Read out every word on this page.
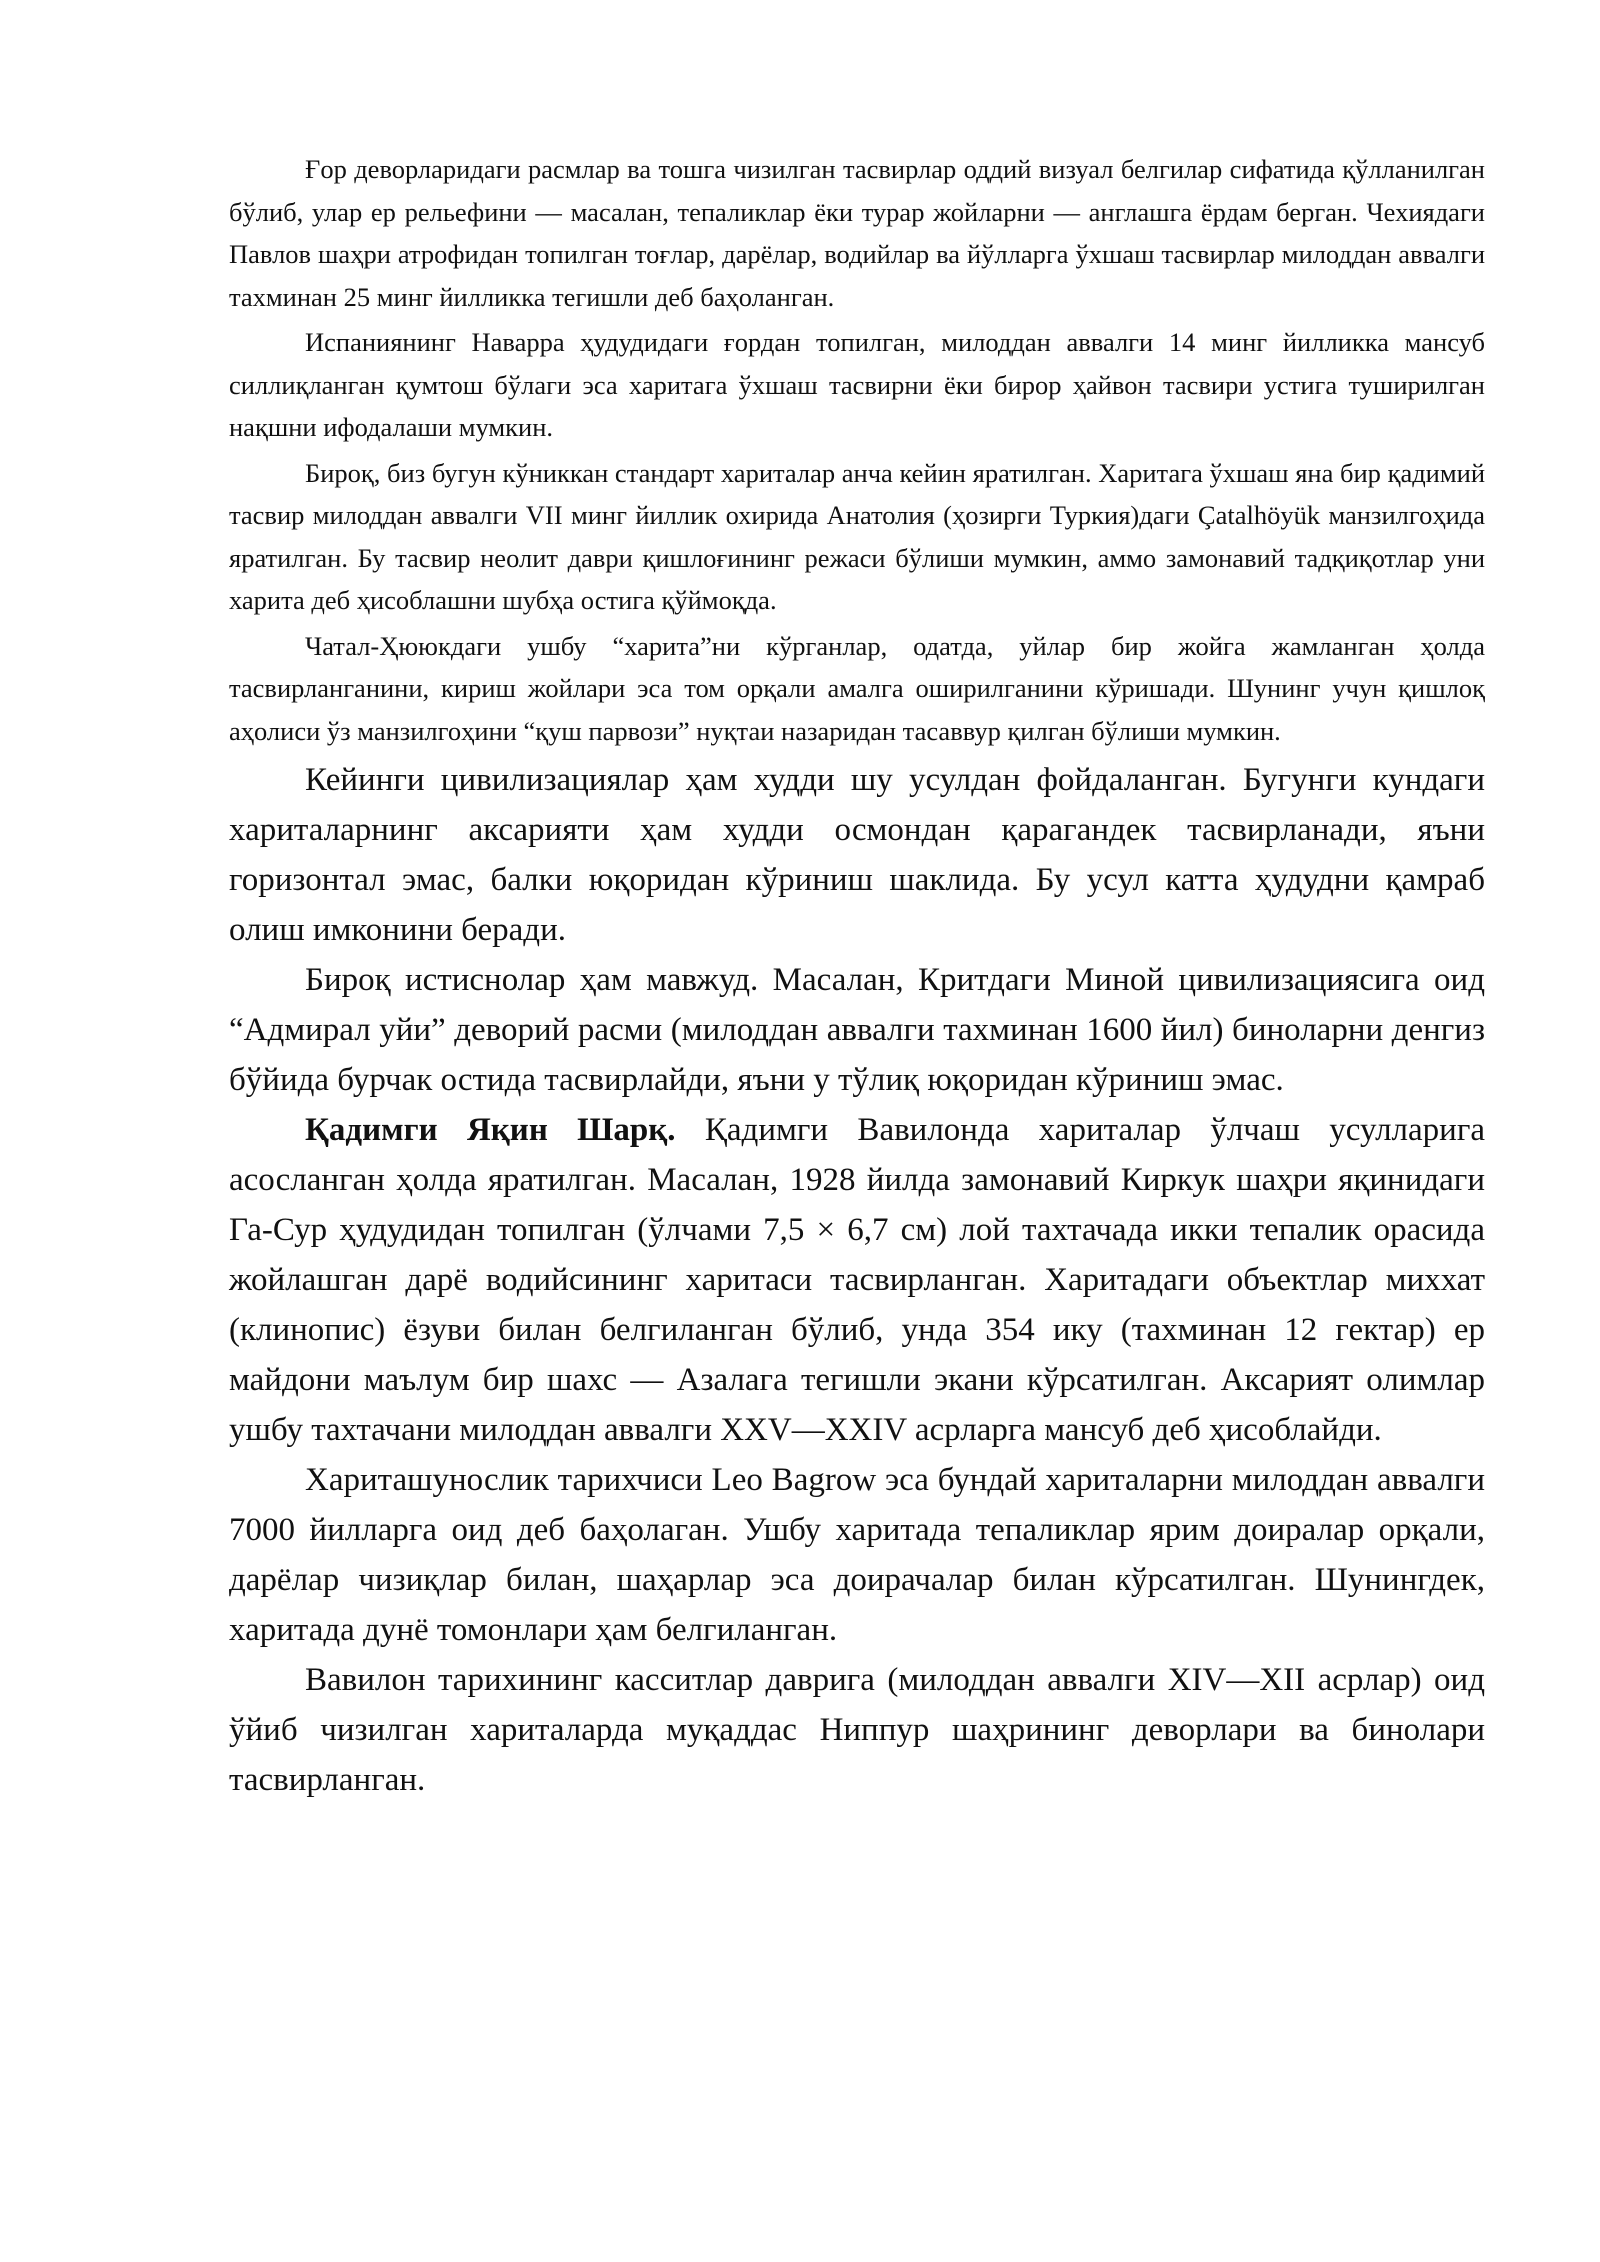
Ғор деворларидаги расмлар ва тошга чизилган тасвирлар оддий визуал белгилар сифатида қўлланилган бўлиб, улар ер рельефини — масалан, тепаликлар ёки турар жойларни — англашга ёрдам берган. Чехиядаги Павлов шаҳри атрофидан топилган тоғлар, дарёлар, водийлар ва йўлларга ўхшаш тасвирлар милоддан аввалги тахминан 25 минг йилликка тегишли деб баҳоланган.

Испаниянинг Наварра ҳудудидаги ғордан топилган, милоддан аввалги 14 минг йилликка мансуб силлиқланган қумтош бўлаги эса харитага ўхшаш тасвирни ёки бирор ҳайвон тасвири устига туширилган нақшни ифодалаши мумкин.

Бироқ, биз бугун кўниккан стандарт хариталар анча кейин яратилган. Харитага ўхшаш яна бир қадимий тасвир милоддан аввалги VII минг йиллик охирида Анатолия (ҳозирги Туркия)даги Çatalhöyük манзилгоҳида яратилган. Бу тасвир неолит даври қишлоғининг режаси бўлиши мумкин, аммо замонавий тадқиқотлар уни харита деб ҳисоблашни шубҳа остига қўймоқда.

Чатал-Ҳююкдаги ушбу “харита”ни кўрганлар, одатда, уйлар бир жойга жамланган ҳолда тасвирланганини, кириш жойлари эса том орқали амалга оширилганини кўришади. Шунинг учун қишлоқ аҳолиси ўз манзилгоҳини “қуш парвози” нуқтаи назаридан тасаввур қилган бўлиши мумкин.

Кейинги цивилизациялар ҳам худди шу усулдан фойдаланган. Бугунги кундаги хариталарнинг аксарияти ҳам худди осмондан қарагандек тасвирланади, яъни горизонтал эмас, балки юқоридан кўриниш шаклида. Бу усул катта ҳудудни қамраб олиш имконини беради.

Бироқ истиснолар ҳам мавжуд. Масалан, Критдаги Миной цивилизациясига оид “Адмирал уйи” деворий расми (милоддан аввалги тахминан 1600 йил) биноларни денгиз бўйида бурчак остида тасвирлайди, яъни у тўлиқ юқоридан кўриниш эмас.

Қадимги Яқин Шарқ. Қадимги Вавилонда хариталар ўлчаш усулларига асосланган ҳолда яратилган. Масалан, 1928 йилда замонавий Киркук шаҳри яқинидаги Га-Сур ҳудудидан топилган (ўлчами 7,5 × 6,7 см) лой тахтачада икки тепалик орасида жойлашган дарё водийсининг харитаси тасвирланган. Харитадаги объектлар миххат (клинопис) ёзуви билан белгиланган бўлиб, унда 354 ику (тахминан 12 гектар) ер майдони маълум бир шахс — Азалага тегишли экани кўрсатилган. Аксарият олимлар ушбу тахтачани милоддан аввалги XXV—XXIV асрларга мансуб деб ҳисоблайди.

Хариташунослик тарихчиси Leo Bagrow эса бундай хариталарни милоддан аввалги 7000 йилларга оид деб баҳолаган. Ушбу харитада тепаликлар ярим доиралар орқали, дарёлар чизиқлар билан, шаҳарлар эса доирачалар билан кўрсатилган. Шунингдек, харитада дунё томонлари ҳам белгиланган.

Вавилон тарихининг касситлар даврига (милоддан аввалги XIV—XII асрлар) оид ўйиб чизилган хариталарда муқаддас Ниппур шаҳрининг деворлари ва бинолари тасвирланган.
